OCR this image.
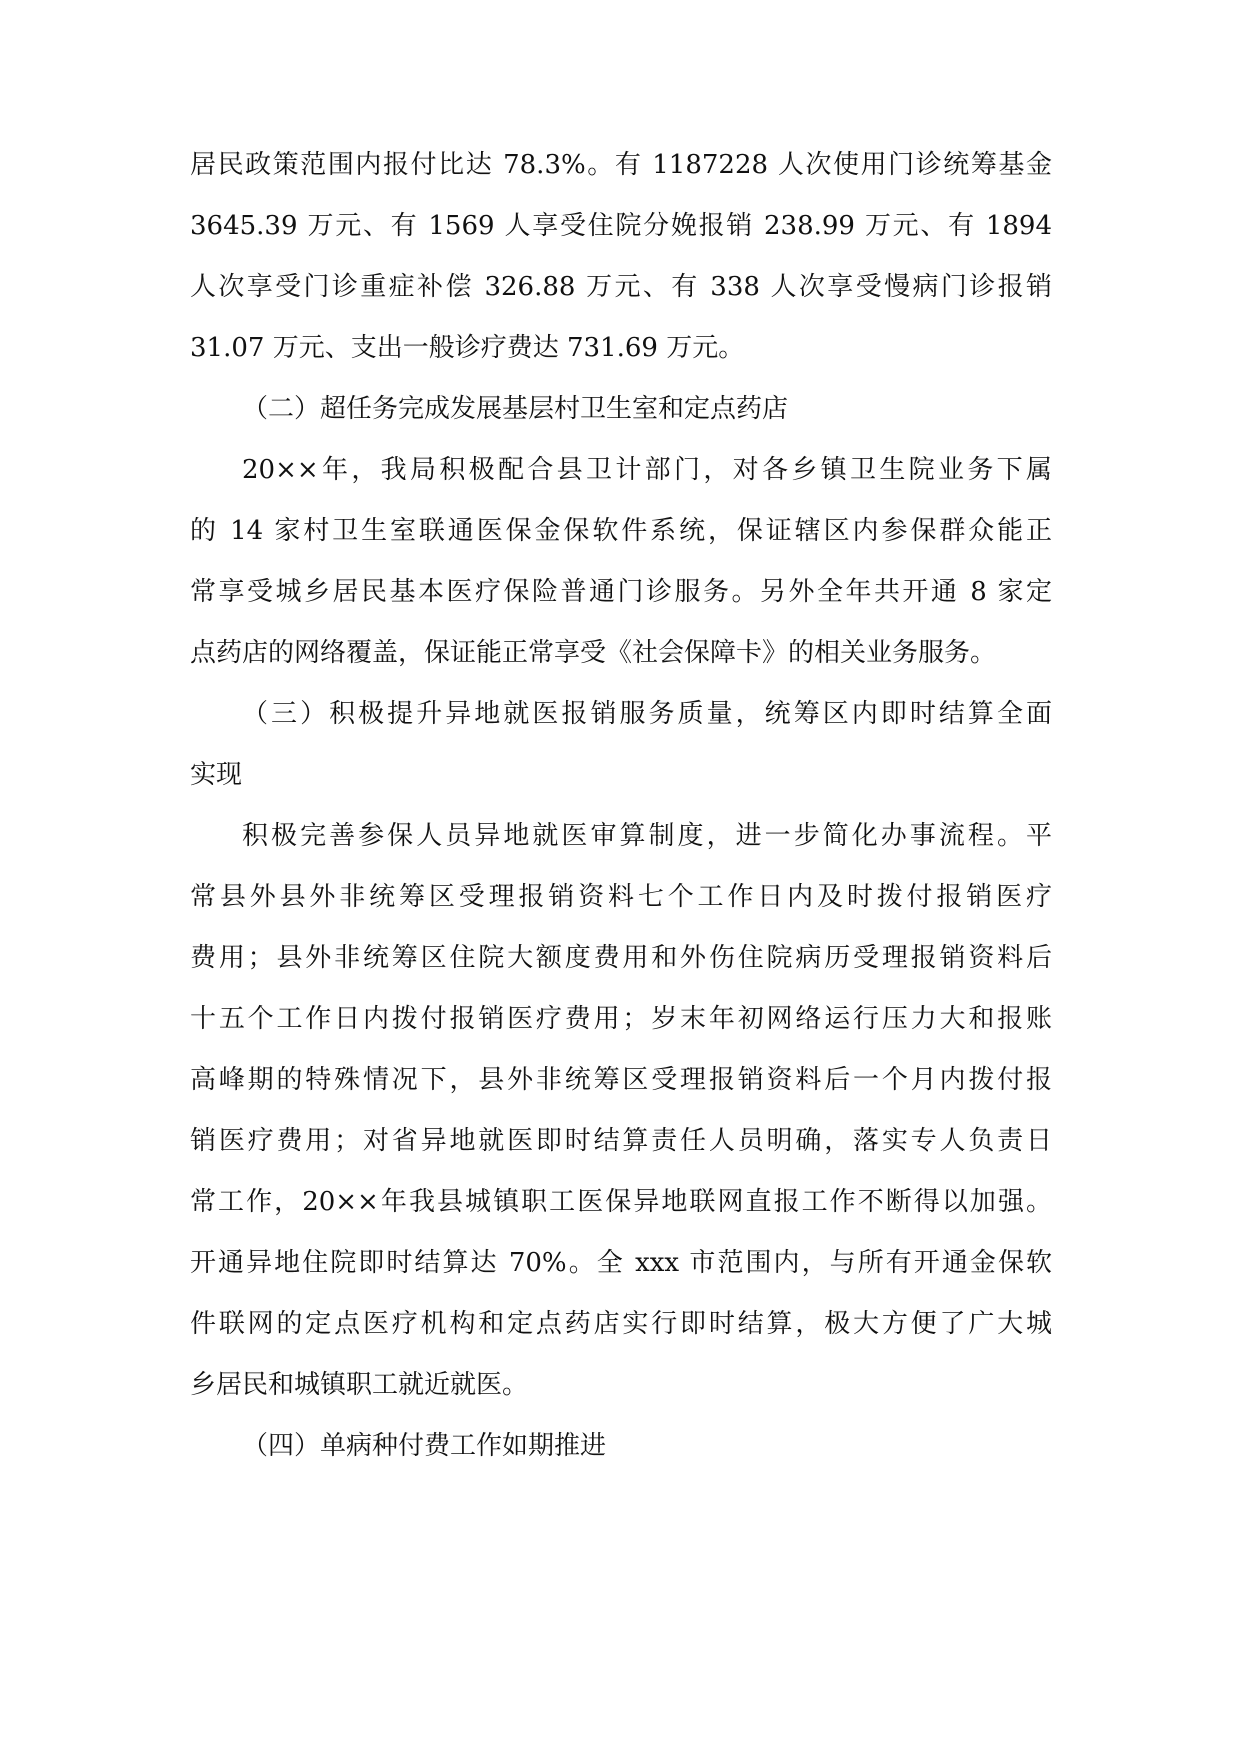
居民政策范围内报付比达 78.3%。有 1187228 人次使用门诊统筹基金
3645.39 万元、有 1569 人享受住院分娩报销 238.99 万元、有 1894
人次享受门诊重症补偿 326.88 万元、有 338 人次享受慢病门诊报销
31.07 万元、支出一般诊疗费达 731.69 万元。
（二）超任务完成发展基层村卫生室和定点药店
20××年，我局积极配合县卫计部门，对各乡镇卫生院业务下属
的 14 家村卫生室联通医保金保软件系统，保证辖区内参保群众能正
常享受城乡居民基本医疗保险普通门诊服务。另外全年共开通 8 家定
点药店的网络覆盖，保证能正常享受《社会保障卡》的相关业务服务。
（三）积极提升异地就医报销服务质量，统筹区内即时结算全面
实现
积极完善参保人员异地就医审算制度，进一步简化办事流程。平
常县外县外非统筹区受理报销资料七个工作日内及时拨付报销医疗
费用；县外非统筹区住院大额度费用和外伤住院病历受理报销资料后
十五个工作日内拨付报销医疗费用；岁末年初网络运行压力大和报账
高峰期的特殊情况下，县外非统筹区受理报销资料后一个月内拨付报
销医疗费用；对省异地就医即时结算责任人员明确，落实专人负责日
常工作，20××年我县城镇职工医保异地联网直报工作不断得以加强。
开通异地住院即时结算达 70%。全 xxx 市范围内，与所有开通金保软
件联网的定点医疗机构和定点药店实行即时结算，极大方便了广大城
乡居民和城镇职工就近就医。
（四）单病种付费工作如期推进
